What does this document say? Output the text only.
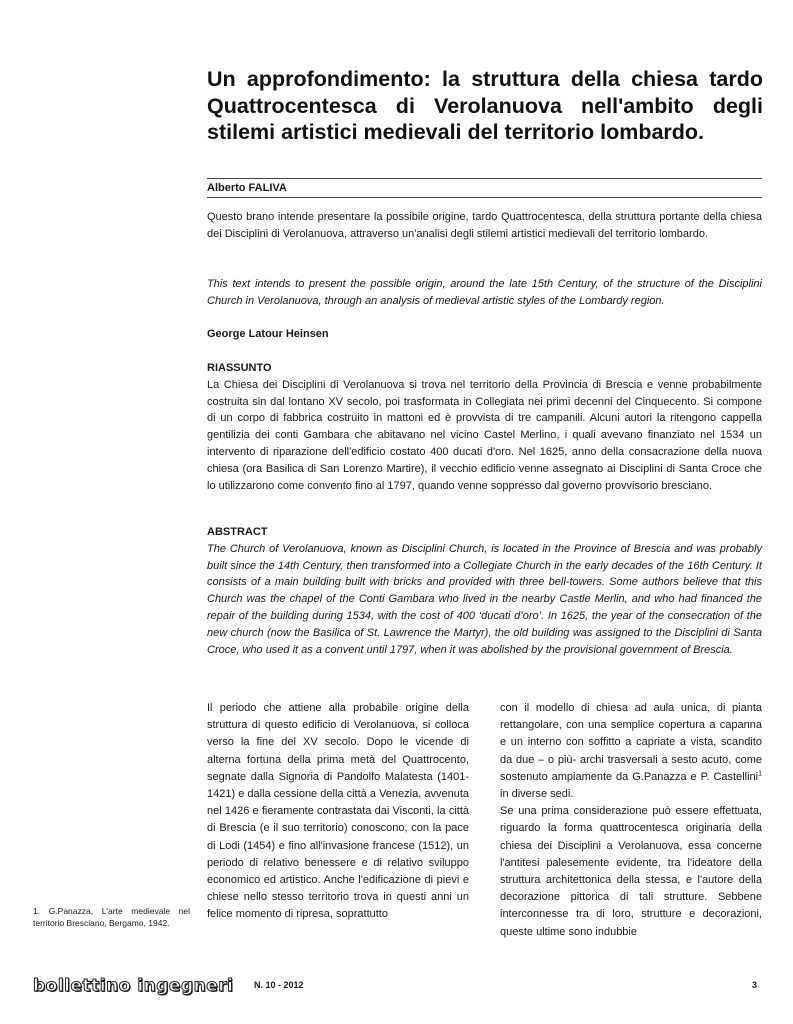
Un approfondimento: la struttura della chiesa tardo Quattrocentesca di Verolanuova nell'ambito degli stilemi artistici medievali del territorio lombardo.
Alberto FALIVA

Questo brano intende presentare la possibile origine, tardo Quattrocentesca, della struttura portante della chiesa dei Disciplini di Verolanuova, attraverso un'analisi degli stilemi artistici medievali del territorio lombardo.

This text intends to present the possible origin, around the late 15th Century, of the structure of the Disciplini Church in Verolanuova, through an analysis of medieval artistic styles of the Lombardy region.

George Latour Heinsen

RIASSUNTO

La Chiesa dei Disciplini di Verolanuova si trova nel territorio della Provincia di Brescia e venne probabilmente costruita sin dal lontano XV secolo, poi trasformata in Collegiata nei primi decenni del Cinquecento. Si compone di un corpo di fabbrica costruito in mattoni ed è provvista di tre campanili. Alcuni autori la ritengono cappella gentilizia dei conti Gambara che abitavano nel vicino Castel Merlino, i quali avevano finanziato nel 1534 un intervento di riparazione dell'edificio costato 400 ducati d'oro. Nel 1625, anno della consacrazione della nuova chiesa (ora Basilica di San Lorenzo Martire), il vecchio edificio venne assegnato ai Disciplini di Santa Croce che lo utilizzarono come convento fino al 1797, quando venne soppresso dal governo provvisorio bresciano.

ABSTRACT

The Church of Verolanuova, known as Disciplini Church, is located in the Province of Brescia and was probably built since the 14th Century, then transformed into a Collegiate Church in the early decades of the 16th Century. It consists of a main building built with bricks and provided with three bell-towers. Some authors believe that this Church was the chapel of the Conti Gambara who lived in the nearby Castle Merlin, and who had financed the repair of the building during 1534, with the cost of 400 ‘ducati d’oro’. In 1625, the year of the consecration of the new church (now the Basilica of St. Lawrence the Martyr), the old building was assigned to the Disciplini di Santa Croce, who used it as a convent until 1797, when it was abolished by the provisional government of Brescia.

Il periodo che attiene alla probabile origine della struttura di questo edificio di Verolanuova, si colloca verso la fine del XV secolo. Dopo le vicende di alterna fortuna della prima metà del Quattrocento, segnate dalla Signoria di Pandolfo Malatesta (1401-1421) e dalla cessione della città a Venezia, avvenuta nel 1426 e fieramente contrastata dai Visconti, la città di Brescia (e il suo territorio) conoscono, con la pace di Lodi (1454) e fino all'invasione francese (1512), un periodo di relativo benessere e di relativo sviluppo economico ed artistico. Anche l'edificazione di pievi e chiese nello stesso territorio trova in questi anni un felice momento di ripresa, soprattutto

con il modello di chiesa ad aula unica, di pianta rettangolare, con una semplice copertura a capanna e un interno con soffitto a capriate a vista, scandito da due – o più- archi trasversali a sesto acuto, come sostenuto ampiamente da G.Panazza e P. Castellini$^1$ in diverse sedi.

Se una prima considerazione può essere effettuata, riguardo la forma quattrocentesca originaria della chiesa dei Disciplini a Verolanuova, essa concerne l'antitesi palesemente evidente, tra l'ideatore della struttura architettonica della stessa, e l'autore della decorazione pittorica di tali strutture. Sebbene interconnesse tra di loro, strutture e decorazioni, queste ultime sono indubbie

1. G.Panazza, L'arte medievale nel territorio Bresciano, Bergamo, 1942.
bollettino ingegneri N. 10 - 2012	3
